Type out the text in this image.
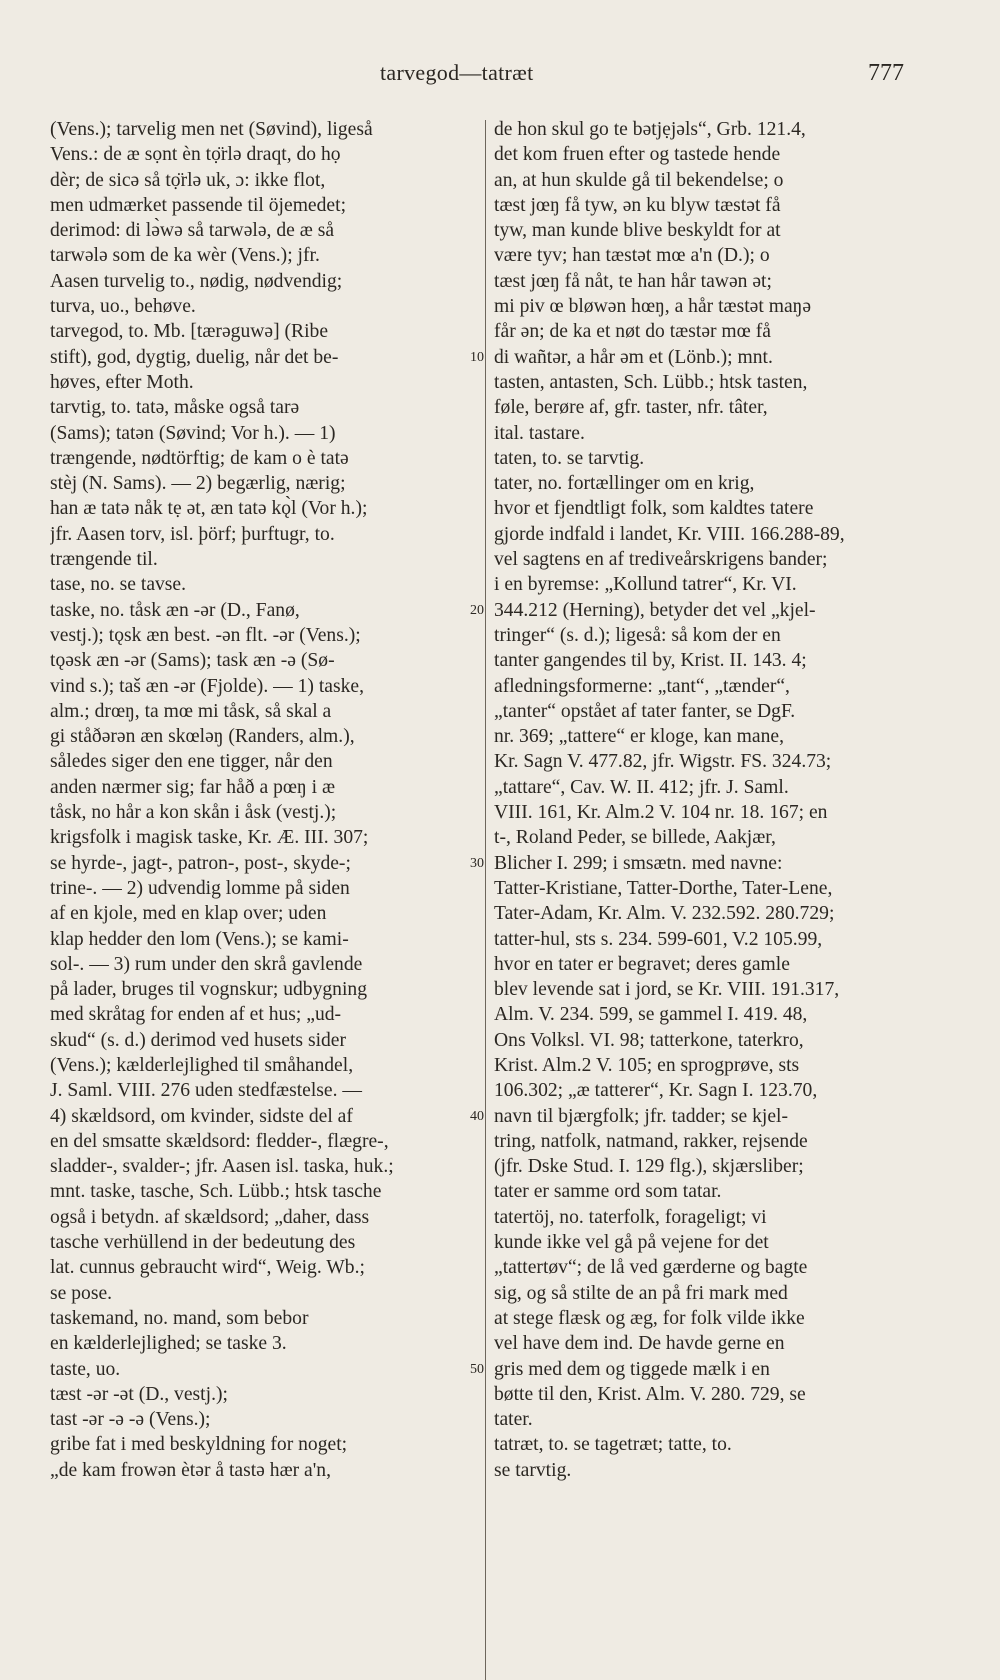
tarvegod—tatræt	777
(Vens.); tarvelig men net (Søvind), ligeså
Vens.: de æ sọnt èn tọ̈rlə draqt, do họ
dèr; de sicə så tọ̈rlə uk, ɔ: ikke flot,
men udmærket passende til öjemedet;
derimod: di lə̀wə så tarwələ, de æ så
tarwələ som de ka wèr (Vens.); jfr.
Aasen turvelig to., nødig, nødvendig;
turva, uo., behøve.
tarvegod, to. Mb. [tærəguwə] (Ribe
stift), god, dygtig, duelig, når det be-
høves, efter Moth.
tarvtig, to. tatə, måske også tarə
(Sams); tatən (Søvind; Vor h.). — 1)
trængende, nødtörftig; de kam o è tatə
stèj (N. Sams). — 2) begærlig, nærig;
han æ tatə nåk tẹ ət, æn tatə kǫ̀l (Vor h.);
jfr. Aasen torv, isl. þörf; þurftugr, to.
trængende til.
tase, no. se tavse.
taske, no. tåsk æn -ər (D., Fanø,
vestj.); tǫsk æn best. -ən flt. -ər (Vens.);
tǫəsk æn -ər (Sams); task æn -ə (Sø-
vind s.); taš æn -ər (Fjolde). — 1) taske,
alm.; drœŋ, ta mœ mi tåsk, så skal a
gi ståðərən æn skœləŋ (Randers, alm.),
således siger den ene tigger, når den
anden nærmer sig; far håð a pœŋ i æ
tåsk, no hår a kon skån i åsk (vestj.);
krigsfolk i magisk taske, Kr. Æ. III. 307;
se hyrde-, jagt-, patron-, post-, skyde-;
trine-. — 2) udvendig lomme på siden
af en kjole, med en klap over; uden
klap hedder den lom (Vens.); se kami-
sol-. — 3) rum under den skrå gavlende
på lader, bruges til vognskur; udbygning
med skråtag for enden af et hus; „ud-
skud“ (s. d.) derimod ved husets sider
(Vens.); kælderlejlighed til småhandel,
J. Saml. VIII. 276 uden stedfæstelse. —
4) skældsord, om kvinder, sidste del af
en del smsatte skældsord: fledder-, flægre-,
sladder-, svalder-; jfr. Aasen isl. taska, huk.;
mnt. taske, tasche, Sch. Lübb.; htsk tasche
også i betydn. af skældsord; „daher, dass
tasche verhüllend in der bedeutung des
lat. cunnus gebraucht wird“, Weig. Wb.;
se pose.
taskemand, no. mand, som bebor
en kælderlejlighed; se taske 3.
taste, uo.
tæst -ər -ət (D., vestj.);
tast -ər -ə -ə (Vens.);
gribe fat i med beskyldning for noget;
„de kam frowən ètər å tastə hær a'n,
10
20
30
40
50
de hon skul go te bətjẹjəls“, Grb. 121.4,
det kom fruen efter og tastede hende
an, at hun skulde gå til bekendelse; o
tæst jœŋ få tyw, ən ku blyw tæstət få
tyw, man kunde blive beskyldt for at
være tyv; han tæstət mœ a'n (D.); o
tæst jœŋ få nåt, te han hår tawən ət;
mi piv œ bløwən hœŋ, a hår tæstət maŋə
får ən; de ka et nøt do tæstər mœ få
di wañtər, a hår əm et (Lönb.); mnt.
tasten, antasten, Sch. Lübb.; htsk tasten,
føle, berøre af, gfr. taster, nfr. tâter,
ital. tastare.
taten, to. se tarvtig.
tater, no. fortællinger om en krig,
hvor et fjendtligt folk, som kaldtes tatere
gjorde indfald i landet, Kr. VIII. 166.288-89,
vel sagtens en af trediveårskrigens bander;
i en byremse: „Kollund tatrer“, Kr. VI.
344.212 (Herning), betyder det vel „kjel-
tringer“ (s. d.); ligeså: så kom der en
tanter gangendes til by, Krist. II. 143. 4;
afledningsformerne: „tant“, „tænder“,
„tanter“ opstået af tater fanter, se DgF.
nr. 369; „tattere“ er kloge, kan mane,
Kr. Sagn V. 477.82, jfr. Wigstr. FS. 324.73;
„tattare“, Cav. W. II. 412; jfr. J. Saml.
VIII. 161, Kr. Alm.2 V. 104 nr. 18. 167; en
t-, Roland Peder, se billede, Aakjær,
Blicher I. 299; i smsætn. med navne:
Tatter-Kristiane, Tatter-Dorthe, Tater-Lene,
Tater-Adam, Kr. Alm. V. 232.592. 280.729;
tatter-hul, sts s. 234. 599-601, V.2 105.99,
hvor en tater er begravet; deres gamle
blev levende sat i jord, se Kr. VIII. 191.317,
Alm. V. 234. 599, se gammel I. 419. 48,
Ons Volksl. VI. 98; tatterkone, taterkro,
Krist. Alm.2 V. 105; en sprogprøve, sts
106.302; „æ tatterer“, Kr. Sagn I. 123.70,
navn til bjærgfolk; jfr. tadder; se kjel-
tring, natfolk, natmand, rakker, rejsende
(jfr. Dske Stud. I. 129 flg.), skjærsliber;
tater er samme ord som tatar.
tatertöj, no. taterfolk, forageligt; vi
kunde ikke vel gå på vejene for det
„tattertøv“; de lå ved gærderne og bagte
sig, og så stilte de an på fri mark med
at stege flæsk og æg, for folk vilde ikke
vel have dem ind. De havde gerne en
gris med dem og tiggede mælk i en
bøtte til den, Krist. Alm. V. 280. 729, se
tater.
tatræt, to. se tagetræt; tatte, to.
se tarvtig.
